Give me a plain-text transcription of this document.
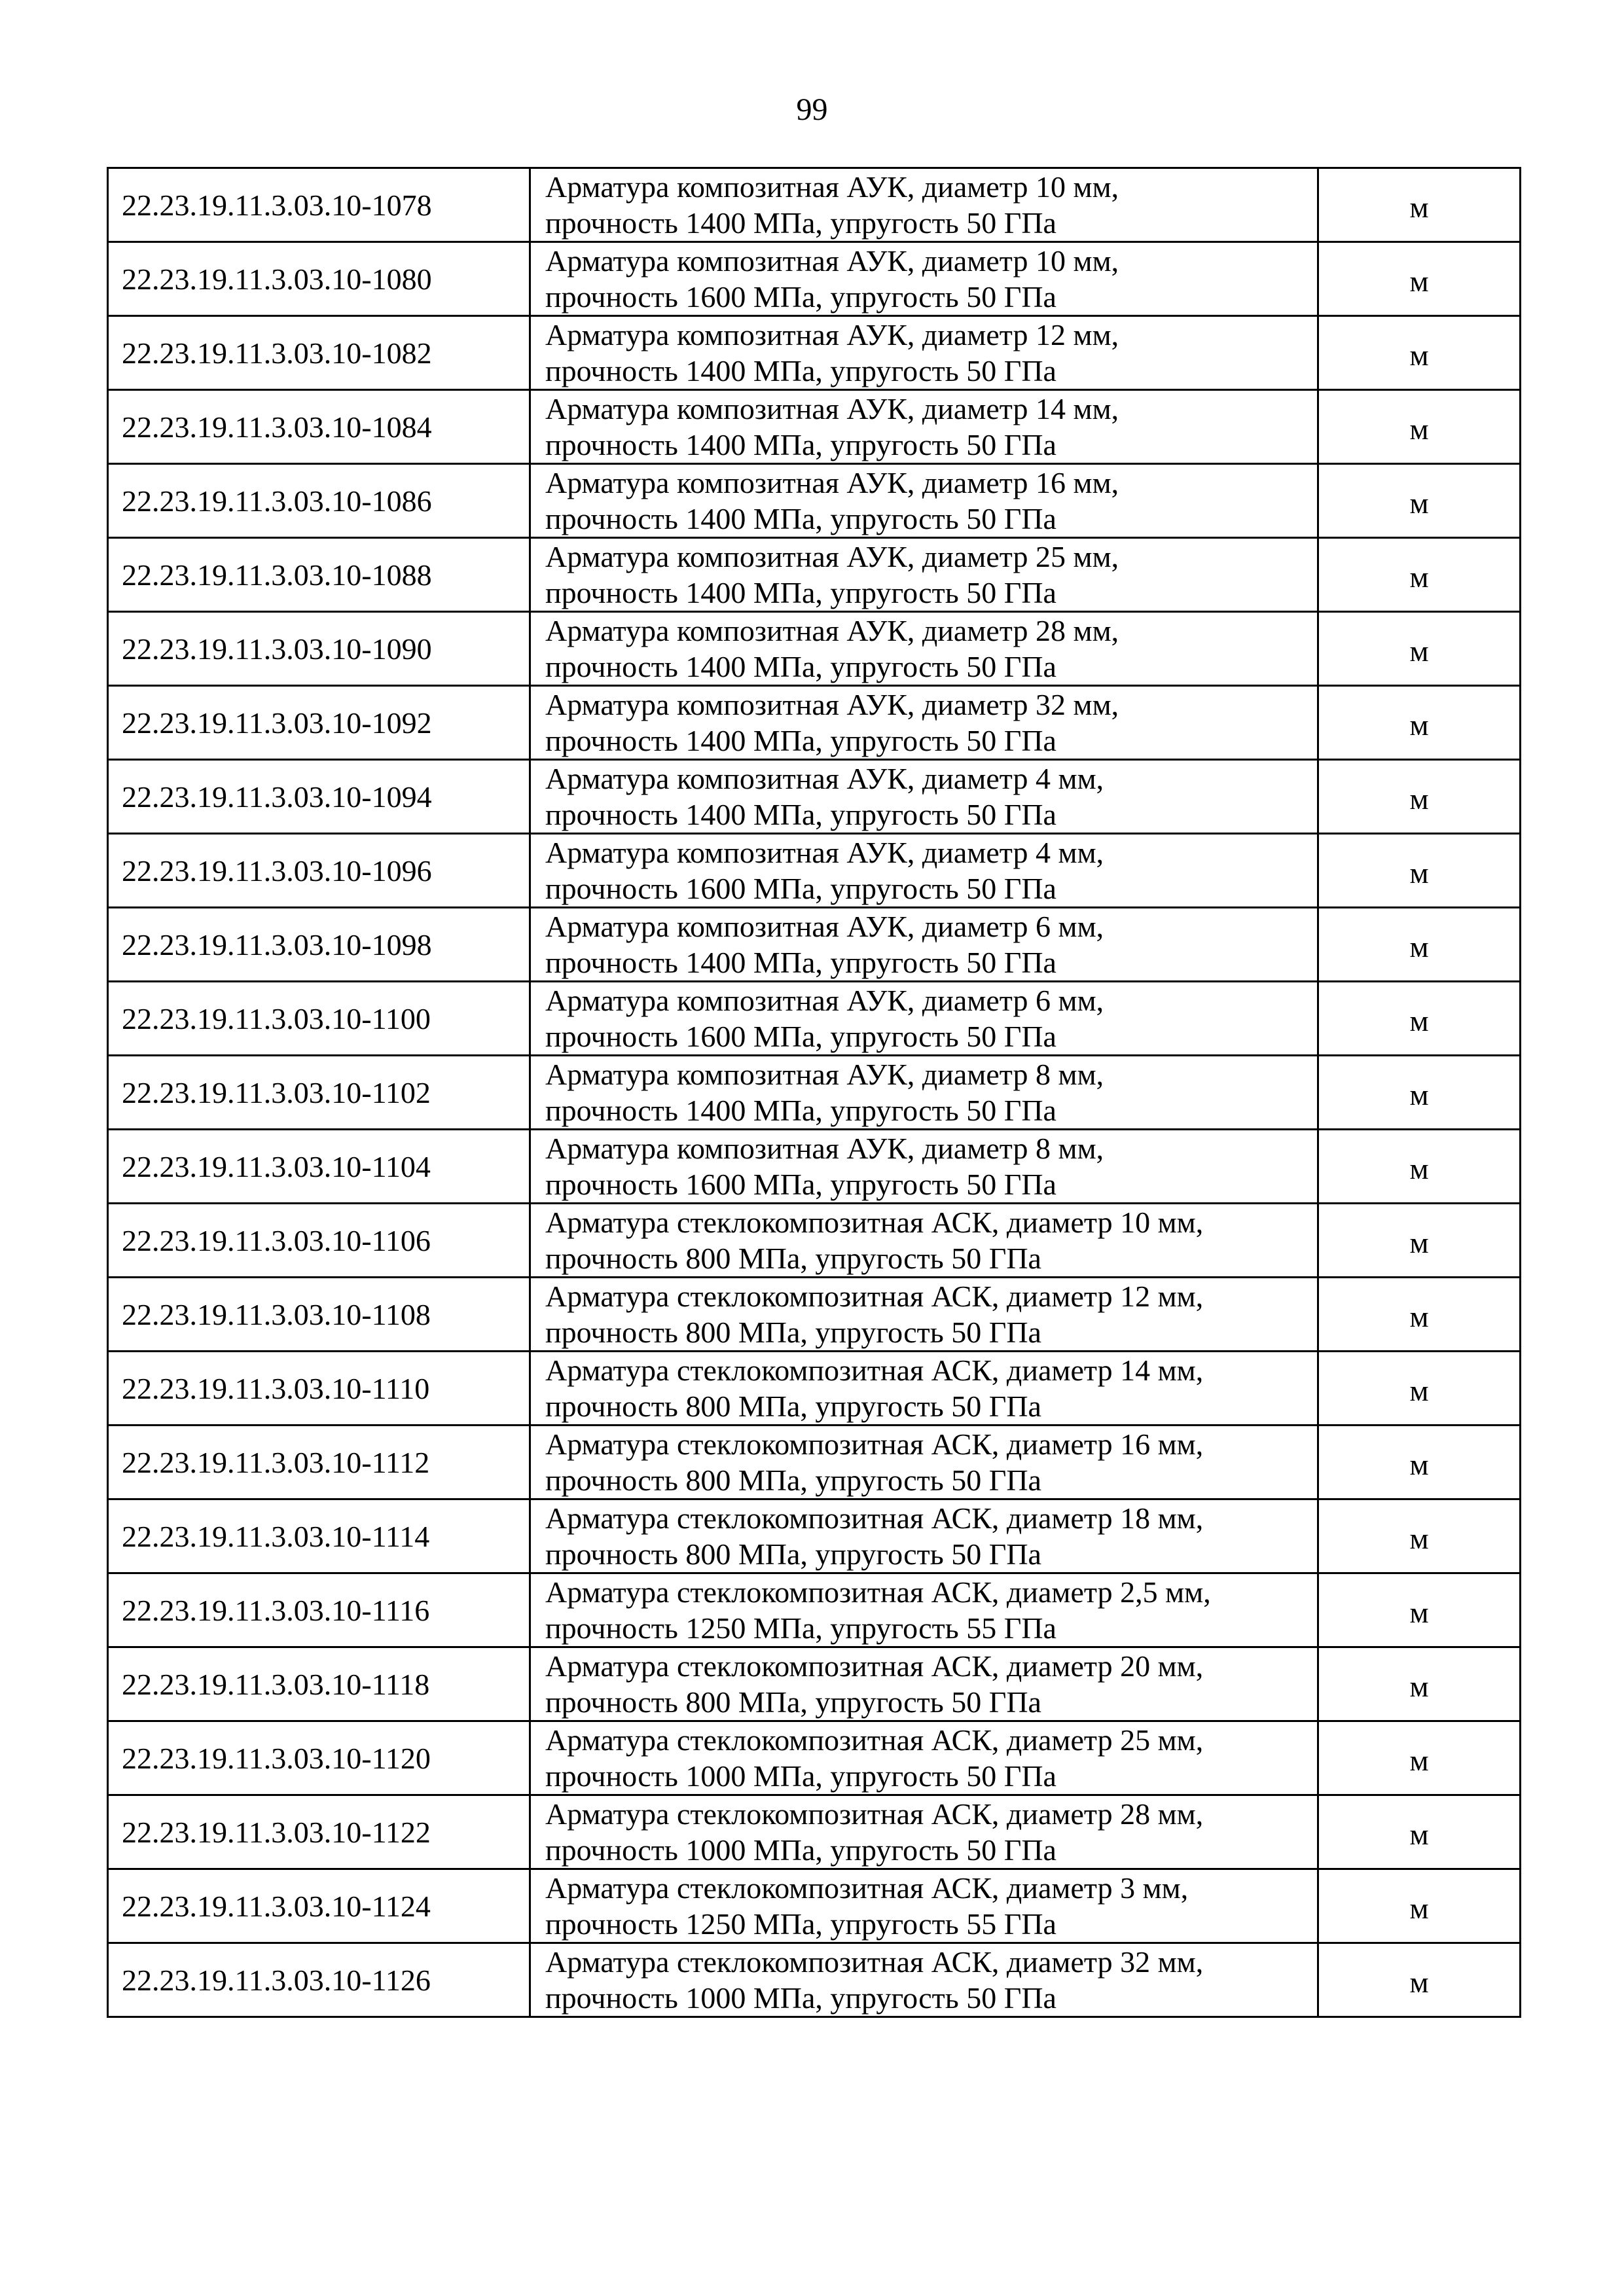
99
22.23.19.11.3.03.10-1078	Арматура композитная АУК, диаметр 10 мм,
прочность 1400 МПа, упругость 50 ГПа	м
22.23.19.11.3.03.10-1080	Арматура композитная АУК, диаметр 10 мм,
прочность 1600 МПа, упругость 50 ГПа	м
22.23.19.11.3.03.10-1082	Арматура композитная АУК, диаметр 12 мм,
прочность 1400 МПа, упругость 50 ГПа	м
22.23.19.11.3.03.10-1084	Арматура композитная АУК, диаметр 14 мм,
прочность 1400 МПа, упругость 50 ГПа	м
22.23.19.11.3.03.10-1086	Арматура композитная АУК, диаметр 16 мм,
прочность 1400 МПа, упругость 50 ГПа	м
22.23.19.11.3.03.10-1088	Арматура композитная АУК, диаметр 25 мм,
прочность 1400 МПа, упругость 50 ГПа	м
22.23.19.11.3.03.10-1090	Арматура композитная АУК, диаметр 28 мм,
прочность 1400 МПа, упругость 50 ГПа	м
22.23.19.11.3.03.10-1092	Арматура композитная АУК, диаметр 32 мм,
прочность 1400 МПа, упругость 50 ГПа	м
22.23.19.11.3.03.10-1094	Арматура композитная АУК, диаметр 4 мм,
прочность 1400 МПа, упругость 50 ГПа	м
22.23.19.11.3.03.10-1096	Арматура композитная АУК, диаметр 4 мм,
прочность 1600 МПа, упругость 50 ГПа	м
22.23.19.11.3.03.10-1098	Арматура композитная АУК, диаметр 6 мм,
прочность 1400 МПа, упругость 50 ГПа	м
22.23.19.11.3.03.10-1100	Арматура композитная АУК, диаметр 6 мм,
прочность 1600 МПа, упругость 50 ГПа	м
22.23.19.11.3.03.10-1102	Арматура композитная АУК, диаметр 8 мм,
прочность 1400 МПа, упругость 50 ГПа	м
22.23.19.11.3.03.10-1104	Арматура композитная АУК, диаметр 8 мм,
прочность 1600 МПа, упругость 50 ГПа	м
22.23.19.11.3.03.10-1106	Арматура стеклокомпозитная АСК, диаметр 10 мм,
прочность 800 МПа, упругость 50 ГПа	м
22.23.19.11.3.03.10-1108	Арматура стеклокомпозитная АСК, диаметр 12 мм,
прочность 800 МПа, упругость 50 ГПа	м
22.23.19.11.3.03.10-1110	Арматура стеклокомпозитная АСК, диаметр 14 мм,
прочность 800 МПа, упругость 50 ГПа	м
22.23.19.11.3.03.10-1112	Арматура стеклокомпозитная АСК, диаметр 16 мм,
прочность 800 МПа, упругость 50 ГПа	м
22.23.19.11.3.03.10-1114	Арматура стеклокомпозитная АСК, диаметр 18 мм,
прочность 800 МПа, упругость 50 ГПа	м
22.23.19.11.3.03.10-1116	Арматура стеклокомпозитная АСК, диаметр 2,5 мм,
прочность 1250 МПа, упругость 55 ГПа	м
22.23.19.11.3.03.10-1118	Арматура стеклокомпозитная АСК, диаметр 20 мм,
прочность 800 МПа, упругость 50 ГПа	м
22.23.19.11.3.03.10-1120	Арматура стеклокомпозитная АСК, диаметр 25 мм,
прочность 1000 МПа, упругость 50 ГПа	м
22.23.19.11.3.03.10-1122	Арматура стеклокомпозитная АСК, диаметр 28 мм,
прочность 1000 МПа, упругость 50 ГПа	м
22.23.19.11.3.03.10-1124	Арматура стеклокомпозитная АСК, диаметр 3 мм,
прочность 1250 МПа, упругость 55 ГПа	м
22.23.19.11.3.03.10-1126	Арматура стеклокомпозитная АСК, диаметр 32 мм,
прочность 1000 МПа, упругость 50 ГПа	м
